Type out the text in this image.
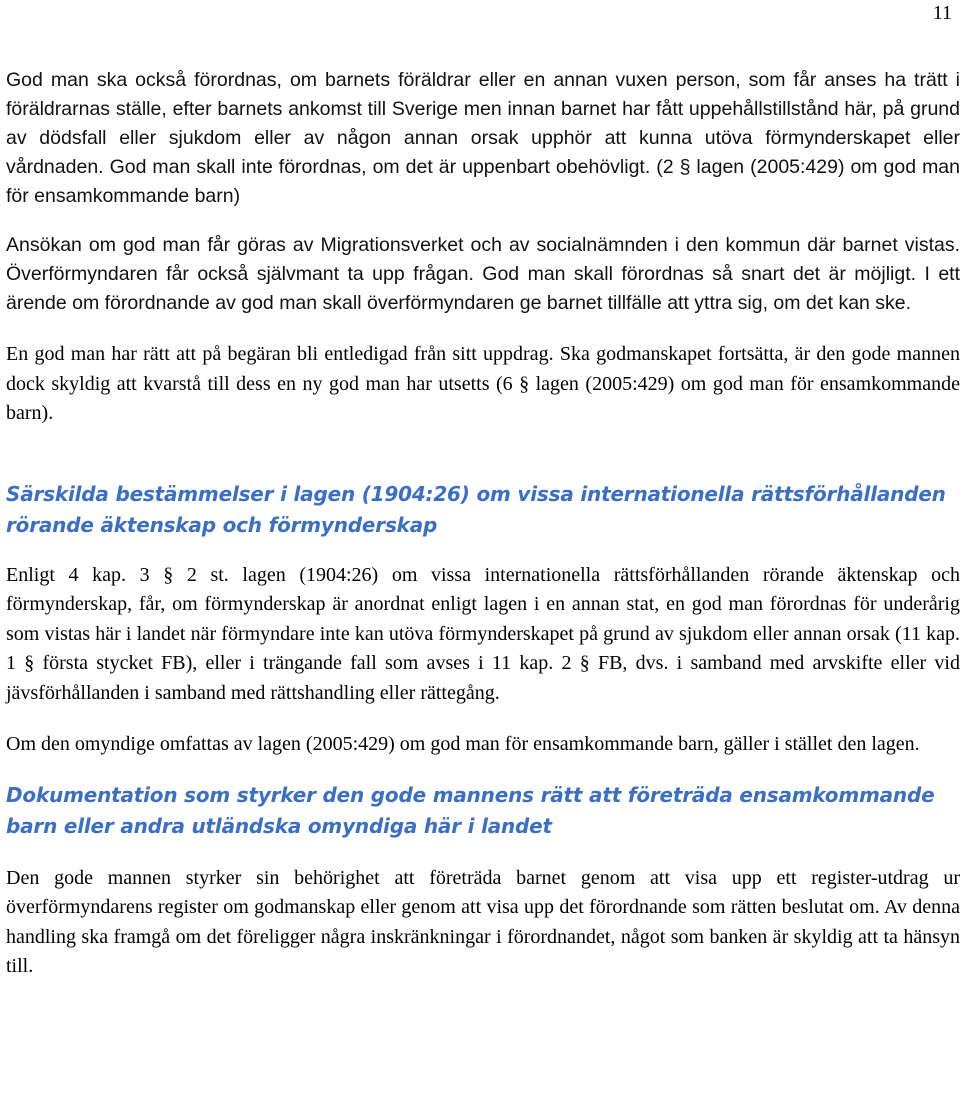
11

God man ska också förordnas, om barnets föräldrar eller en annan vuxen person, som får anses ha trätt i föräldrarnas ställe, efter barnets ankomst till Sverige men innan barnet har fått uppehållstillstånd här, på grund av dödsfall eller sjukdom eller av någon annan orsak upphör att kunna utöva förmynderskapet eller vårdnaden. God man skall inte förordnas, om det är uppenbart obehövligt. (2 § lagen (2005:429) om god man för ensamkommande barn)

Ansökan om god man får göras av Migrationsverket och av socialnämnden i den kommun där barnet vistas. Överförmyndaren får också självmant ta upp frågan. God man skall förordnas så snart det är möjligt. I ett ärende om förordnande av god man skall överförmyndaren ge barnet tillfälle att yttra sig, om det kan ske.

En god man har rätt att på begäran bli entledigad från sitt uppdrag. Ska godmanskapet fortsätta, är den gode mannen dock skyldig att kvarstå till dess en ny god man har utsetts (6 § lagen (2005:429) om god man för ensamkommande barn).

Särskilda bestämmelser i lagen (1904:26) om vissa internationella rättsförhållanden rörande äktenskap och förmynderskap

Enligt 4 kap. 3 § 2 st. lagen (1904:26) om vissa internationella rättsförhållanden rörande äktenskap och förmynderskap, får, om förmynderskap är anordnat enligt lagen i en annan stat, en god man förordnas för underårig som vistas här i landet när förmyndare inte kan utöva förmynderskapet på grund av sjukdom eller annan orsak (11 kap. 1 § första stycket FB), eller i trängande fall som avses i 11 kap. 2 § FB, dvs. i samband med arvskifte eller vid jävsförhållanden i samband med rättshandling eller rättegång.

Om den omyndige omfattas av lagen (2005:429) om god man för ensamkommande barn, gäller i stället den lagen.

Dokumentation som styrker den gode mannens rätt att företräda ensamkommande barn eller andra utländska omyndiga här i landet

Den gode mannen styrker sin behörighet att företräda barnet genom att visa upp ett register-utdrag ur överförmyndarens register om godmanskap eller genom att visa upp det förordnande som rätten beslutat om. Av denna handling ska framgå om det föreligger några inskränkningar i förordnandet, något som banken är skyldig att ta hänsyn till.
